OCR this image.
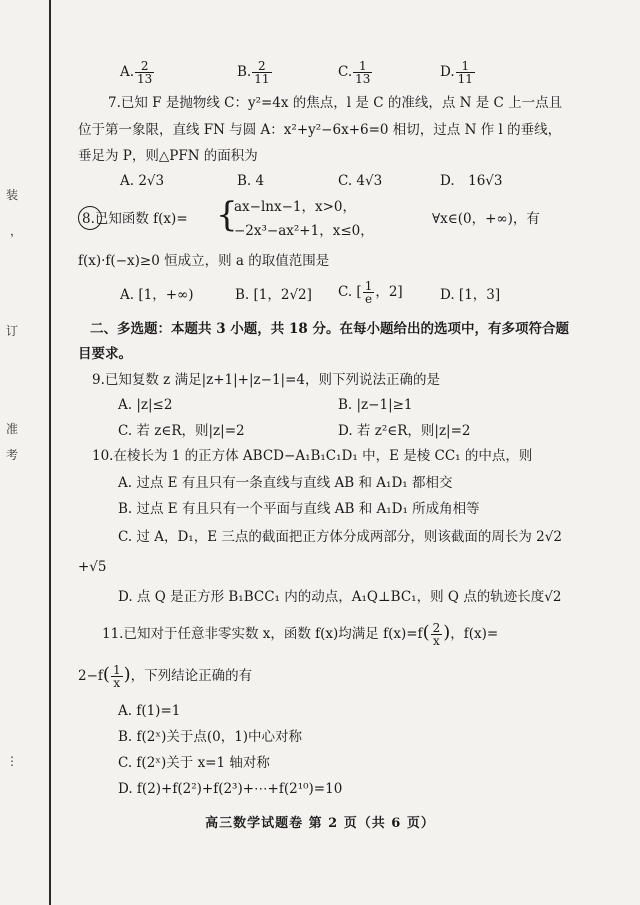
装
，
订
准
考
⋮
A. $\frac{2}{13}$	B. $\frac{2}{11}$	C. $\frac{1}{13}$	D. $\frac{1}{11}$
7.已知 F 是抛物线 C：y²=4x 的焦点，l 是 C 的准线，点 N 是 C 上一点且
位于第一象限，直线 FN 与圆 A：x²+y²−6x+6=0 相切，过点 N 作 l 的垂线，
垂足为 P，则△PFN 的面积为
A. 2√3	B. 4	C. 4√3	D.　16√3
8.已知函数 f(x)= {
ax−lnx−1，x>0，
−2x³−ax²+1，x≤0，
∀x∈(0，+∞)，有
f(x)·f(−x)≥0 恒成立，则 a 的取值范围是
A. [1，+∞)	B. [1，2√2] C. [ $\frac{1}{e}$ ，2]	D. [1，3]
二、多选题：本题共 3 小题，共 18 分。在每小题给出的选项中，有多项符合题
目要求。
9.已知复数 z 满足|z+1|+|z−1|=4，则下列说法正确的是
A. |z|≤2	B. |z−1|≥1
C. 若 z∈R，则|z|=2	D. 若 z²∈R，则|z|=2
10.在棱长为 1 的正方体 ABCD−A₁B₁C₁D₁ 中，E 是棱 CC₁ 的中点，则
A. 过点 E 有且只有一条直线与直线 AB 和 A₁D₁ 都相交
B. 过点 E 有且只有一个平面与直线 AB 和 A₁D₁ 所成角相等
C. 过 A，D₁，E 三点的截面把正方体分成两部分，则该截面的周长为 2√2
+√5
D. 点 Q 是正方形 B₁BCC₁ 内的动点，A₁Q⊥BC₁，则 Q 点的轨迹长度√2
11.已知对于任意非零实数 x，函数 f(x)均满足 $f(x)=f( \frac{2}{x}$ )，f(x)=
$2-f( \frac{1}{x}$ )，下列结论正确的有
A. f(1)=1
B. f(2ˣ)关于点(0，1)中心对称
C. f(2ˣ)关于 x=1 轴对称
D. f(2)+f(2²)+f(2³)+⋯+f(2¹⁰)=10
高三数学试题卷 第 2 页（共 6 页）
